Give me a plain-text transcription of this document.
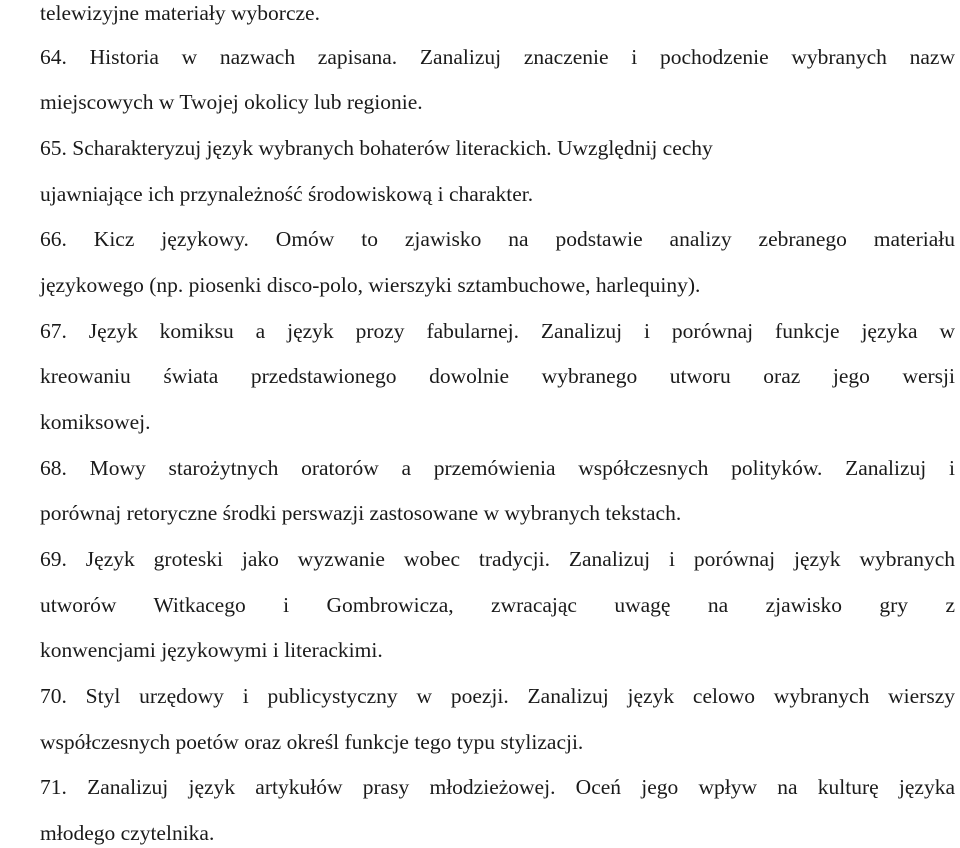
telewizyjne materiały wyborcze.
64. Historia w nazwach zapisana. Zanalizuj znaczenie i pochodzenie wybranych nazw
miejscowych w Twojej okolicy lub regionie.
65. Scharakteryzuj język wybranych bohaterów literackich. Uwzględnij cechy
ujawniające ich przynależność środowiskową i charakter.
66. Kicz językowy. Omów to zjawisko na podstawie analizy zebranego materiału
językowego (np. piosenki disco-polo, wierszyki sztambuchowe, harlequiny).
67. Język komiksu a język prozy fabularnej. Zanalizuj i porównaj funkcje języka w
kreowaniu świata przedstawionego dowolnie wybranego utworu oraz jego wersji
komiksowej.
68. Mowy starożytnych oratorów a przemówienia współczesnych polityków. Zanalizuj i
porównaj retoryczne środki perswazji zastosowane w wybranych tekstach.
69. Język groteski jako wyzwanie wobec tradycji. Zanalizuj i porównaj język wybranych
utworów Witkacego i Gombrowicza, zwracając uwagę na zjawisko gry z
konwencjami językowymi i literackimi.
70. Styl urzędowy i publicystyczny w poezji. Zanalizuj język celowo wybranych wierszy
współczesnych poetów oraz określ funkcje tego typu stylizacji.
71. Zanalizuj język artykułów prasy młodzieżowej. Oceń jego wpływ na kulturę języka
młodego czytelnika.
